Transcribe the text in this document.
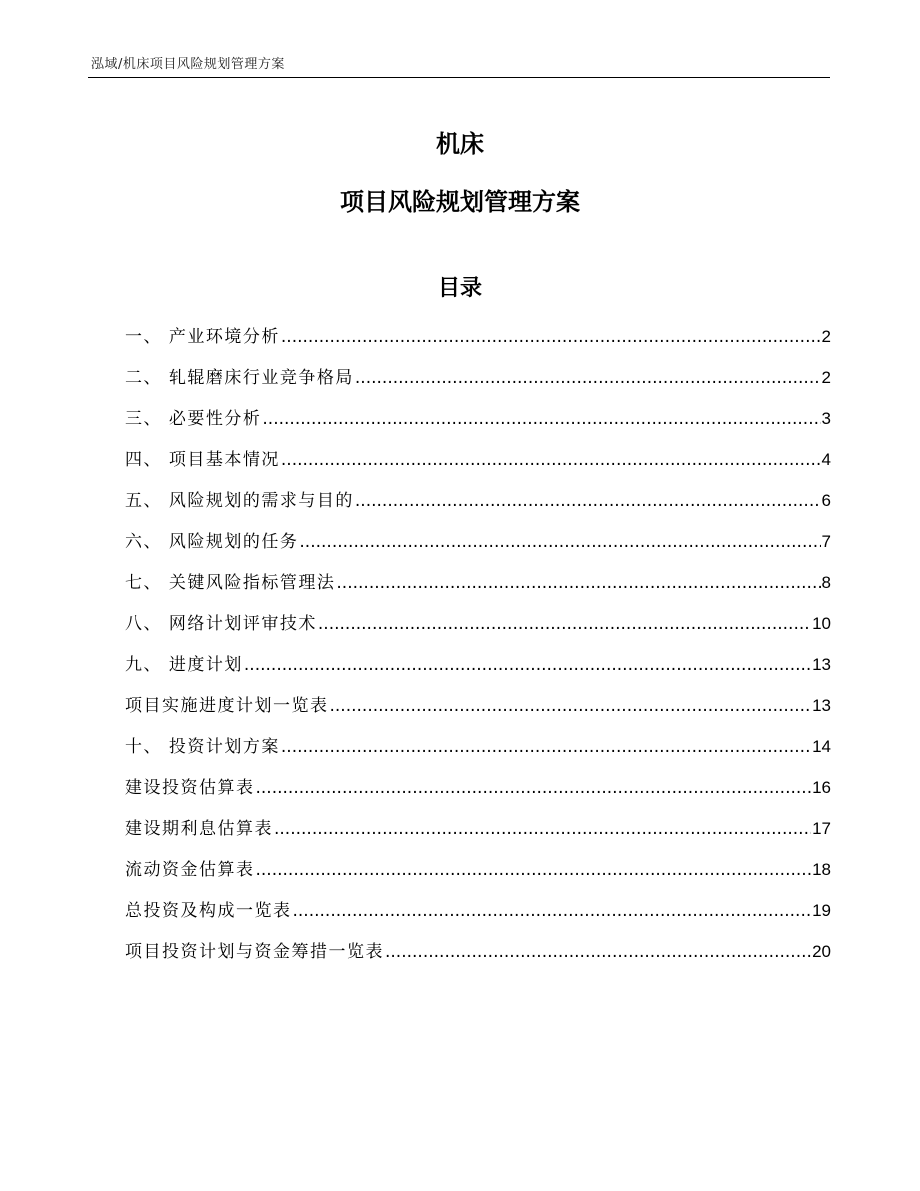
泓域/机床项目风险规划管理方案
机床
项目风险规划管理方案
目录
一、 产业环境分析 .....	2
二、 轧辊磨床行业竞争格局 .....	2
三、 必要性分析 .....	3
四、 项目基本情况 .....	4
五、 风险规划的需求与目的 .....	6
六、 风险规划的任务 .....	7
七、 关键风险指标管理法 .....	8
八、 网络计划评审技术 .....	10
九、 进度计划 .....	13
项目实施进度计划一览表 .....	13
十、 投资计划方案 .....	14
建设投资估算表 .....	16
建设期利息估算表 .....	17
流动资金估算表 .....	18
总投资及构成一览表 .....	19
项目投资计划与资金筹措一览表 .....	20
